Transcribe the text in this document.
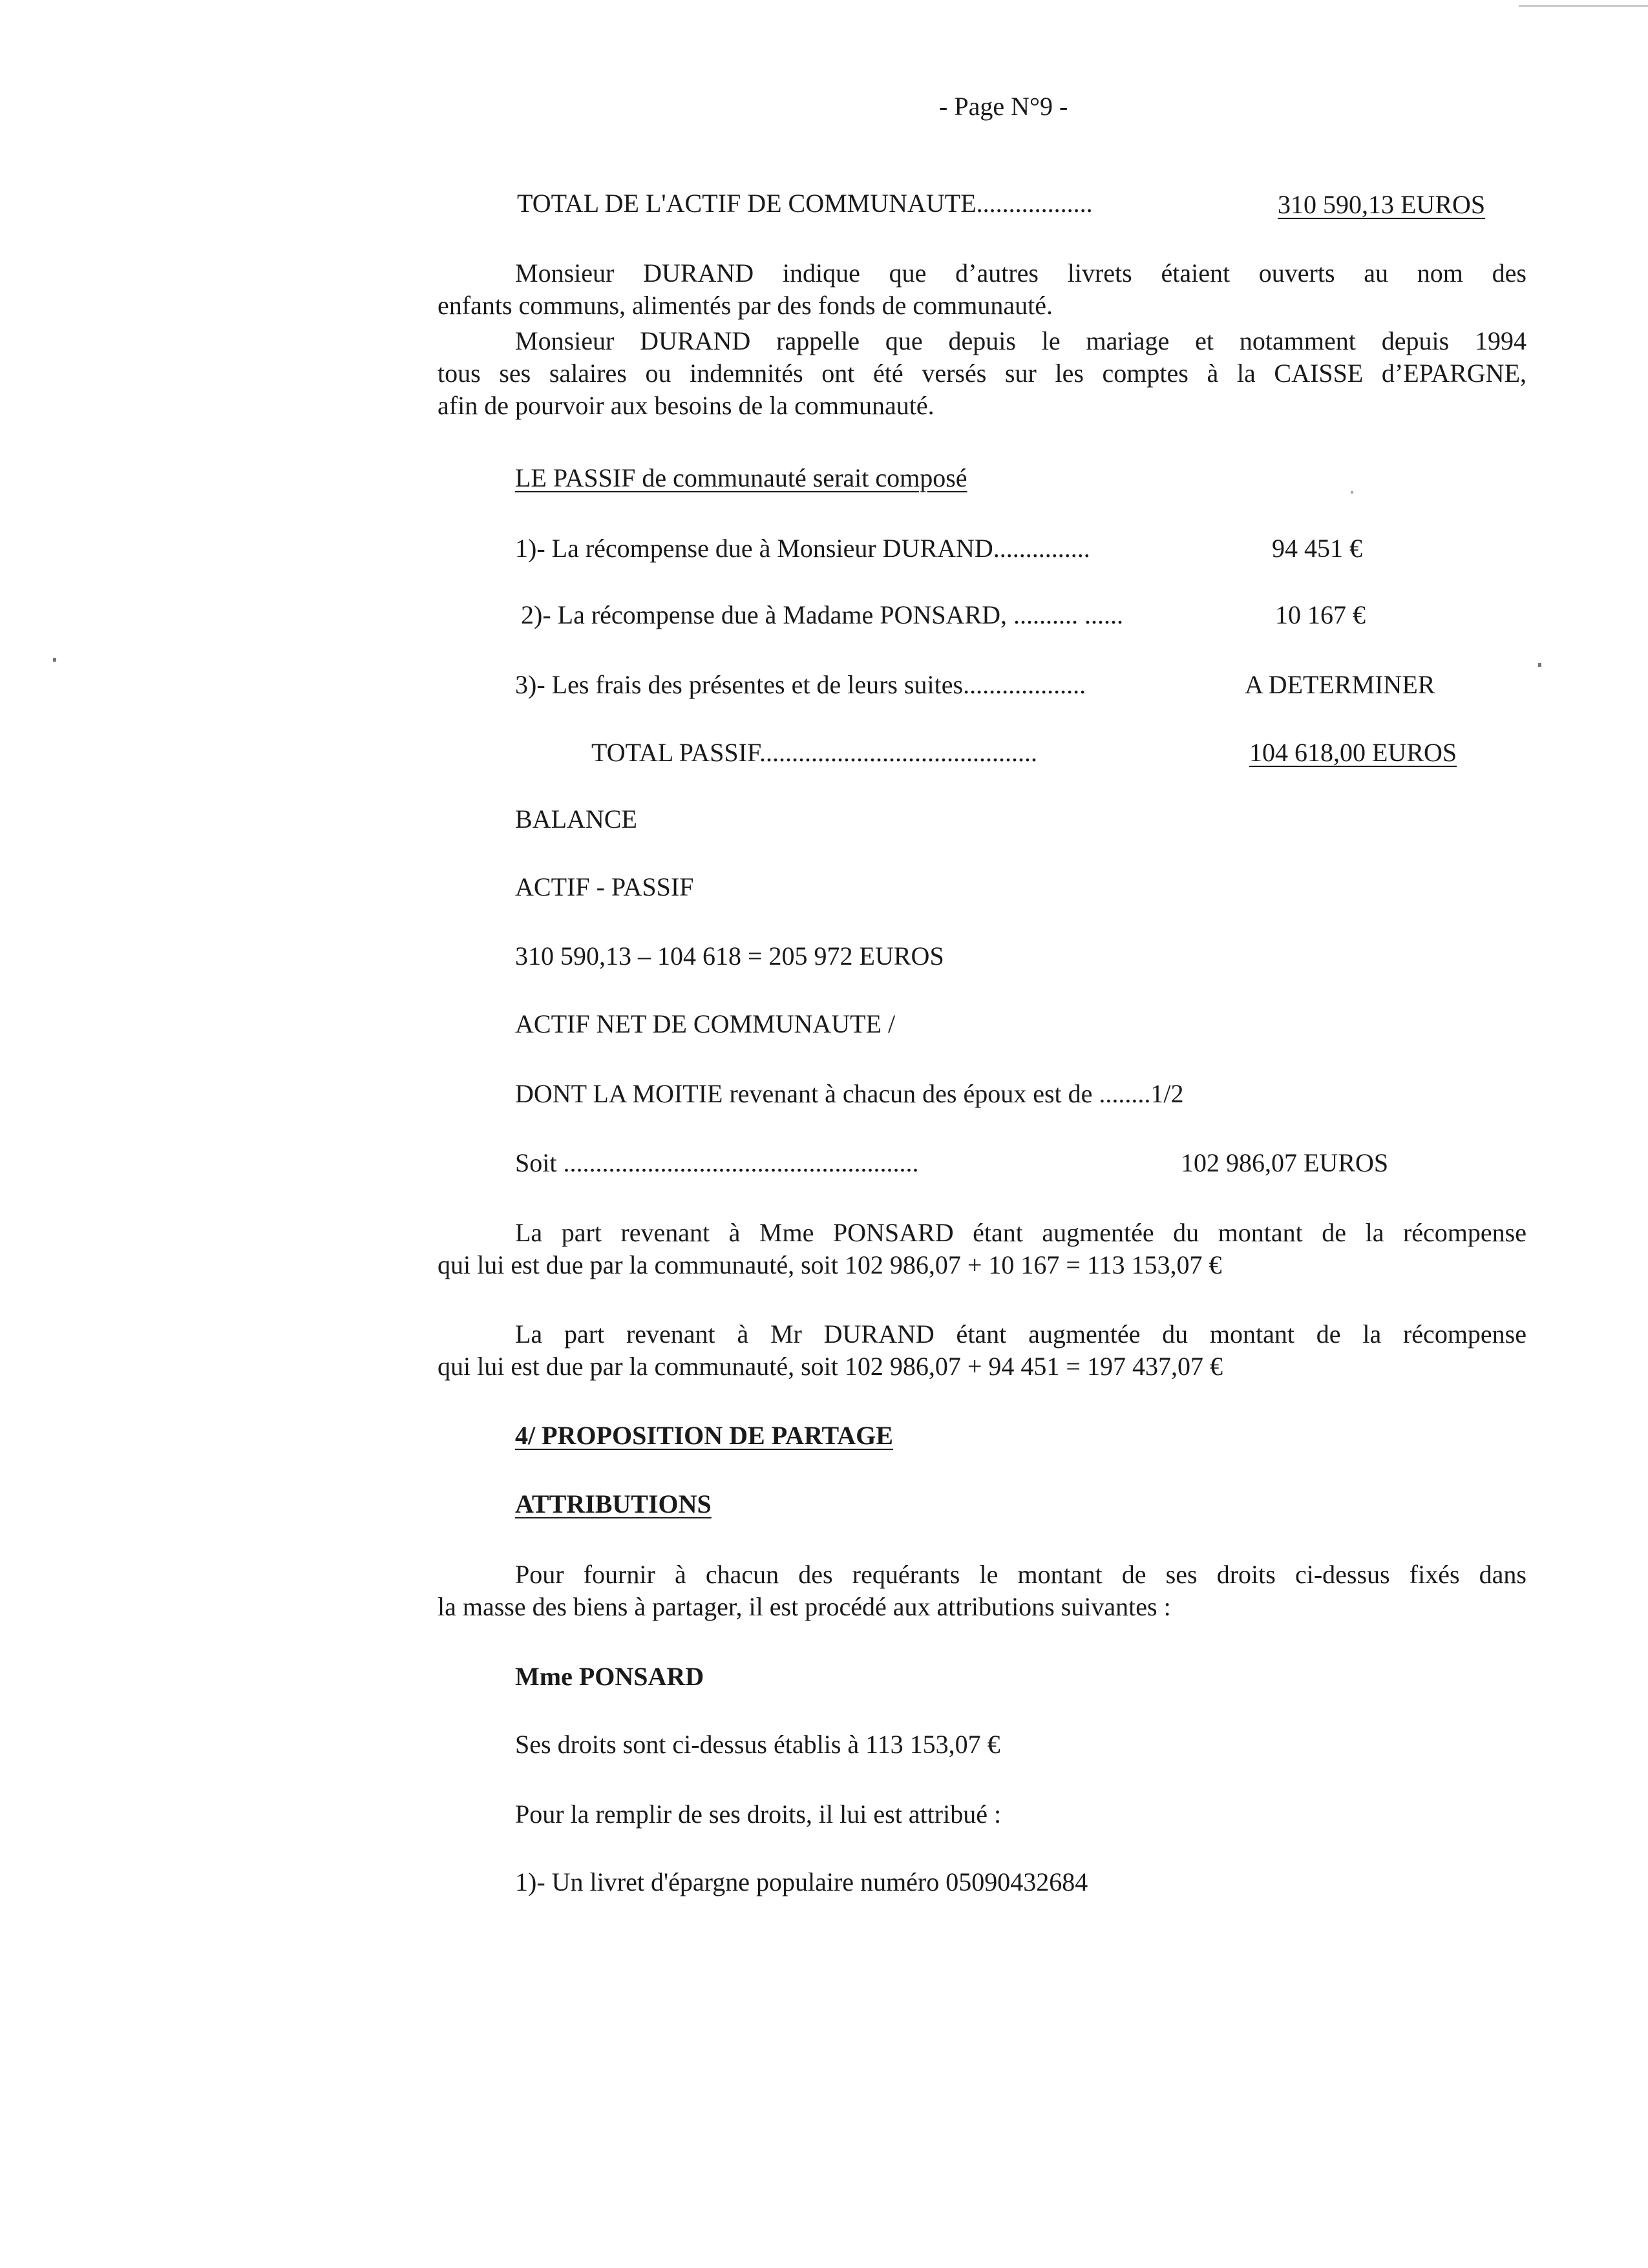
- Page N°9 -
TOTAL DE L'ACTIF DE COMMUNAUTE..................	310 590,13 EUROS
Monsieur DURAND indique que d’autres livrets étaient ouverts au nom des
enfants communs, alimentés par des fonds de communauté.
Monsieur DURAND rappelle que depuis le mariage et notamment depuis 1994
tous ses salaires ou indemnités ont été versés sur les comptes à la CAISSE d’EPARGNE,
afin de pourvoir aux besoins de la communauté.
LE PASSIF de communauté serait composé
1)- La récompense due à Monsieur DURAND...............	94 451 €
2)- La récompense due à Madame PONSARD, .......... ......	10 167 €
3)- Les frais des présentes et de leurs suites...................	A DETERMINER
TOTAL PASSIF...........................................	104 618,00 EUROS
BALANCE
ACTIF - PASSIF
310 590,13 – 104 618 = 205 972 EUROS
ACTIF NET DE COMMUNAUTE /
DONT LA MOITIE revenant à chacun des époux est de ........1/2
Soit .......................................................	102 986,07 EUROS
La part revenant à Mme PONSARD étant augmentée du montant de la récompense
qui lui est due par la communauté, soit 102 986,07 + 10 167 = 113 153,07 €
La part revenant à Mr DURAND étant augmentée du montant de la récompense
qui lui est due par la communauté, soit 102 986,07 + 94 451 = 197 437,07 €
4/ PROPOSITION DE PARTAGE
ATTRIBUTIONS
Pour fournir à chacun des requérants le montant de ses droits ci-dessus fixés dans
la masse des biens à partager, il est procédé aux attributions suivantes :
Mme PONSARD
Ses droits sont ci-dessus établis à 113 153,07 €
Pour la remplir de ses droits, il lui est attribué :
1)- Un livret d'épargne populaire numéro 05090432684
